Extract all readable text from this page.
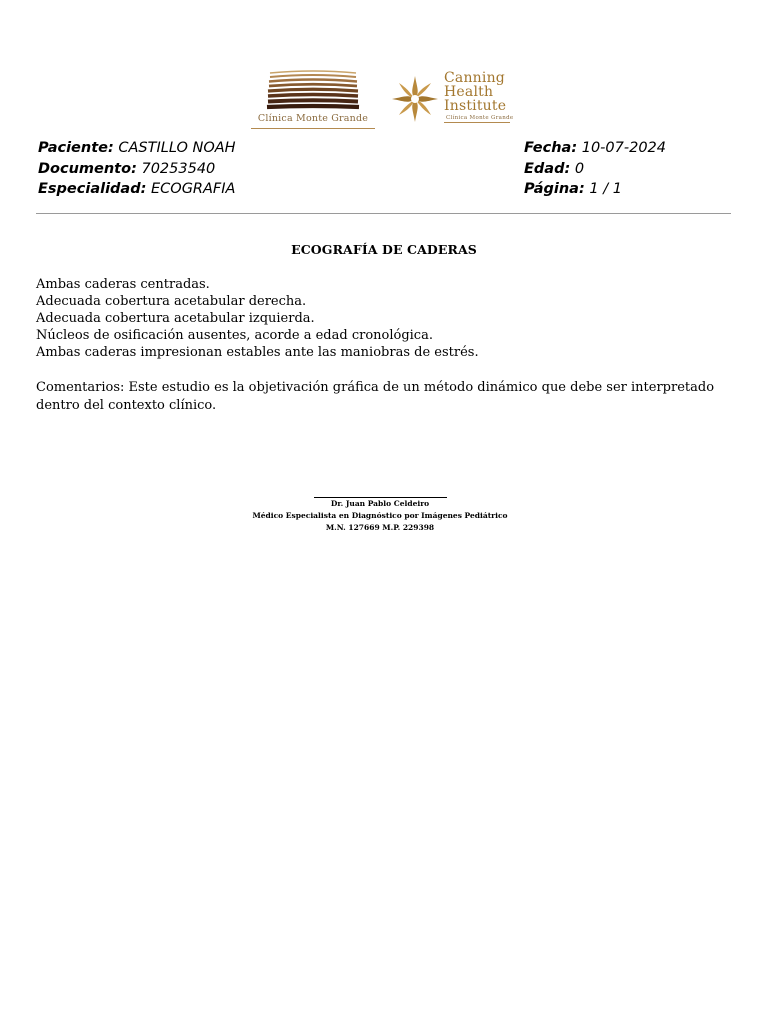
Clínica Monte Grande
Canning
Health
Institute
Clínica Monte Grande
Paciente: CASTILLO NOAH
Documento: 70253540
Especialidad: ECOGRAFIA
Fecha: 10-07-2024
Edad: 0
Página: 1 / 1
ECOGRAFÍA DE CADERAS
Ambas caderas centradas.
Adecuada cobertura acetabular derecha.
Adecuada cobertura acetabular izquierda.
Núcleos de osificación ausentes, acorde a edad cronológica.
Ambas caderas impresionan estables ante las maniobras de estrés.
Comentarios: Este estudio es la objetivación gráfica de un método dinámico que debe ser interpretado dentro del contexto clínico.
Dr. Juan Pablo Celdeiro
Médico Especialista en Diagnóstico por Imágenes Pediátrico
M.N. 127669 M.P. 229398
